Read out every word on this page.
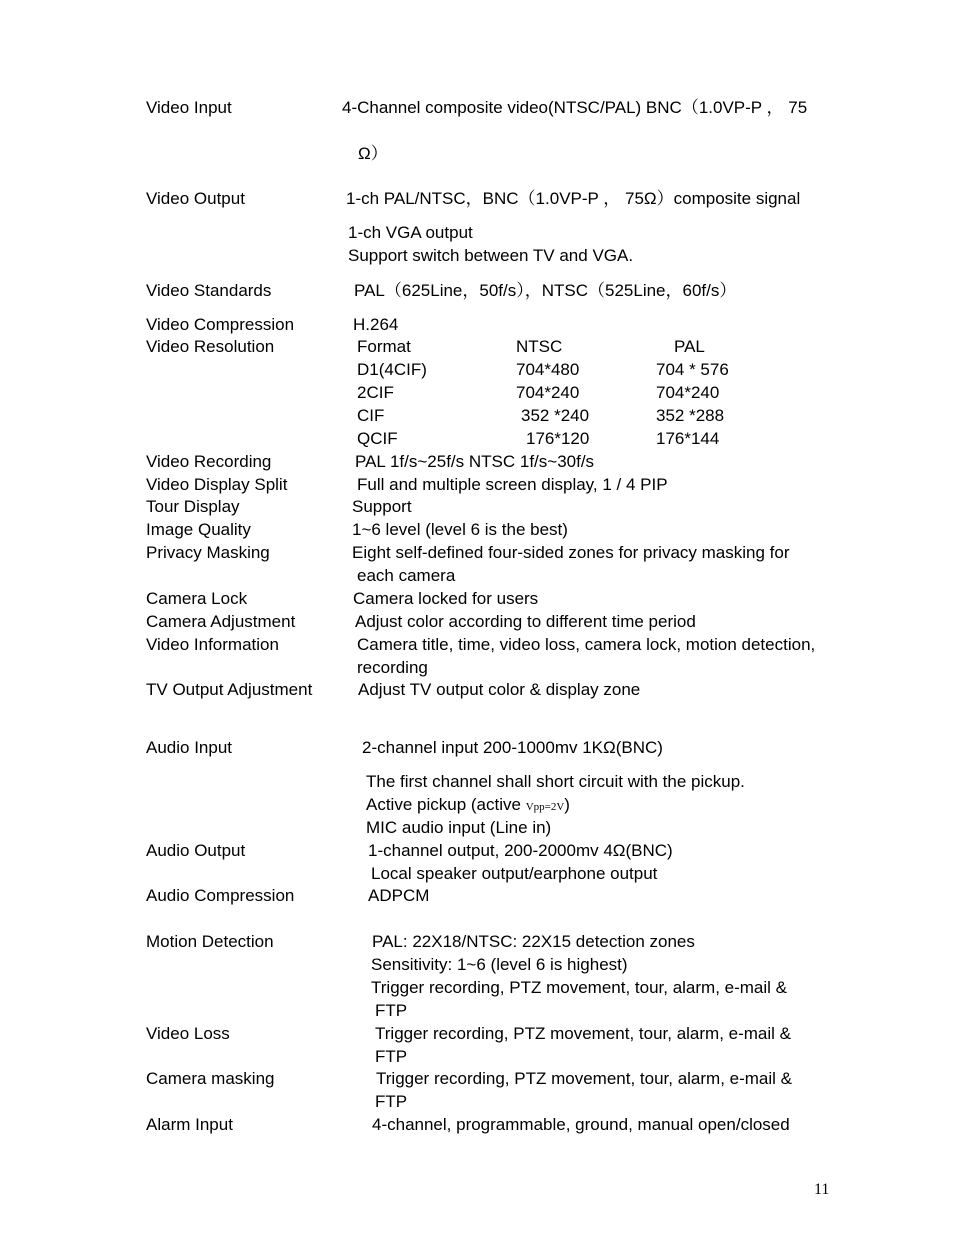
Video Input	4-Channel composite video(NTSC/PAL) BNC（1.0VP-P ， 75
Ω）
Video Output	1-ch PAL/NTSC，BNC（1.0VP-P ， 75Ω）composite signal
1-ch VGA output
Support switch between TV and VGA.
Video Standards	PAL（625Line，50f/s），NTSC（525Line，60f/s）
Video Compression	H.264
Video Resolution	Format	NTSC	PAL
D1(4CIF)	704*480	704 * 576
2CIF	704*240	704*240
CIF	352 *240	352 *288
QCIF	176*120	176*144
Video Recording	PAL 1f/s~25f/s NTSC 1f/s~30f/s
Video Display Split	Full and multiple screen display, 1 / 4 PIP
Tour Display	Support
Image Quality	1~6 level (level 6 is the best)
Privacy Masking	Eight self-defined four-sided zones for privacy masking for
each camera
Camera Lock	Camera locked for users
Camera Adjustment	Adjust color according to different time period
Video Information	Camera title, time, video loss, camera lock, motion detection,
recording
TV Output Adjustment	Adjust TV output color & display zone
Audio Input	2-channel input 200-1000mv 1KΩ(BNC)
The first channel shall short circuit with the pickup.
Active pickup (active Vpp=2V)
MIC audio input (Line in)
Audio Output	1-channel output, 200-2000mv 4Ω(BNC)
Local speaker output/earphone output
Audio Compression	ADPCM
Motion Detection	PAL: 22X18/NTSC: 22X15 detection zones
Sensitivity: 1~6 (level 6 is highest)
Trigger recording, PTZ movement, tour, alarm, e-mail &
FTP
Video Loss	Trigger recording, PTZ movement, tour, alarm, e-mail &
FTP
Camera masking	Trigger recording, PTZ movement, tour, alarm, e-mail &
FTP
Alarm Input	4-channel, programmable, ground, manual open/closed
11
